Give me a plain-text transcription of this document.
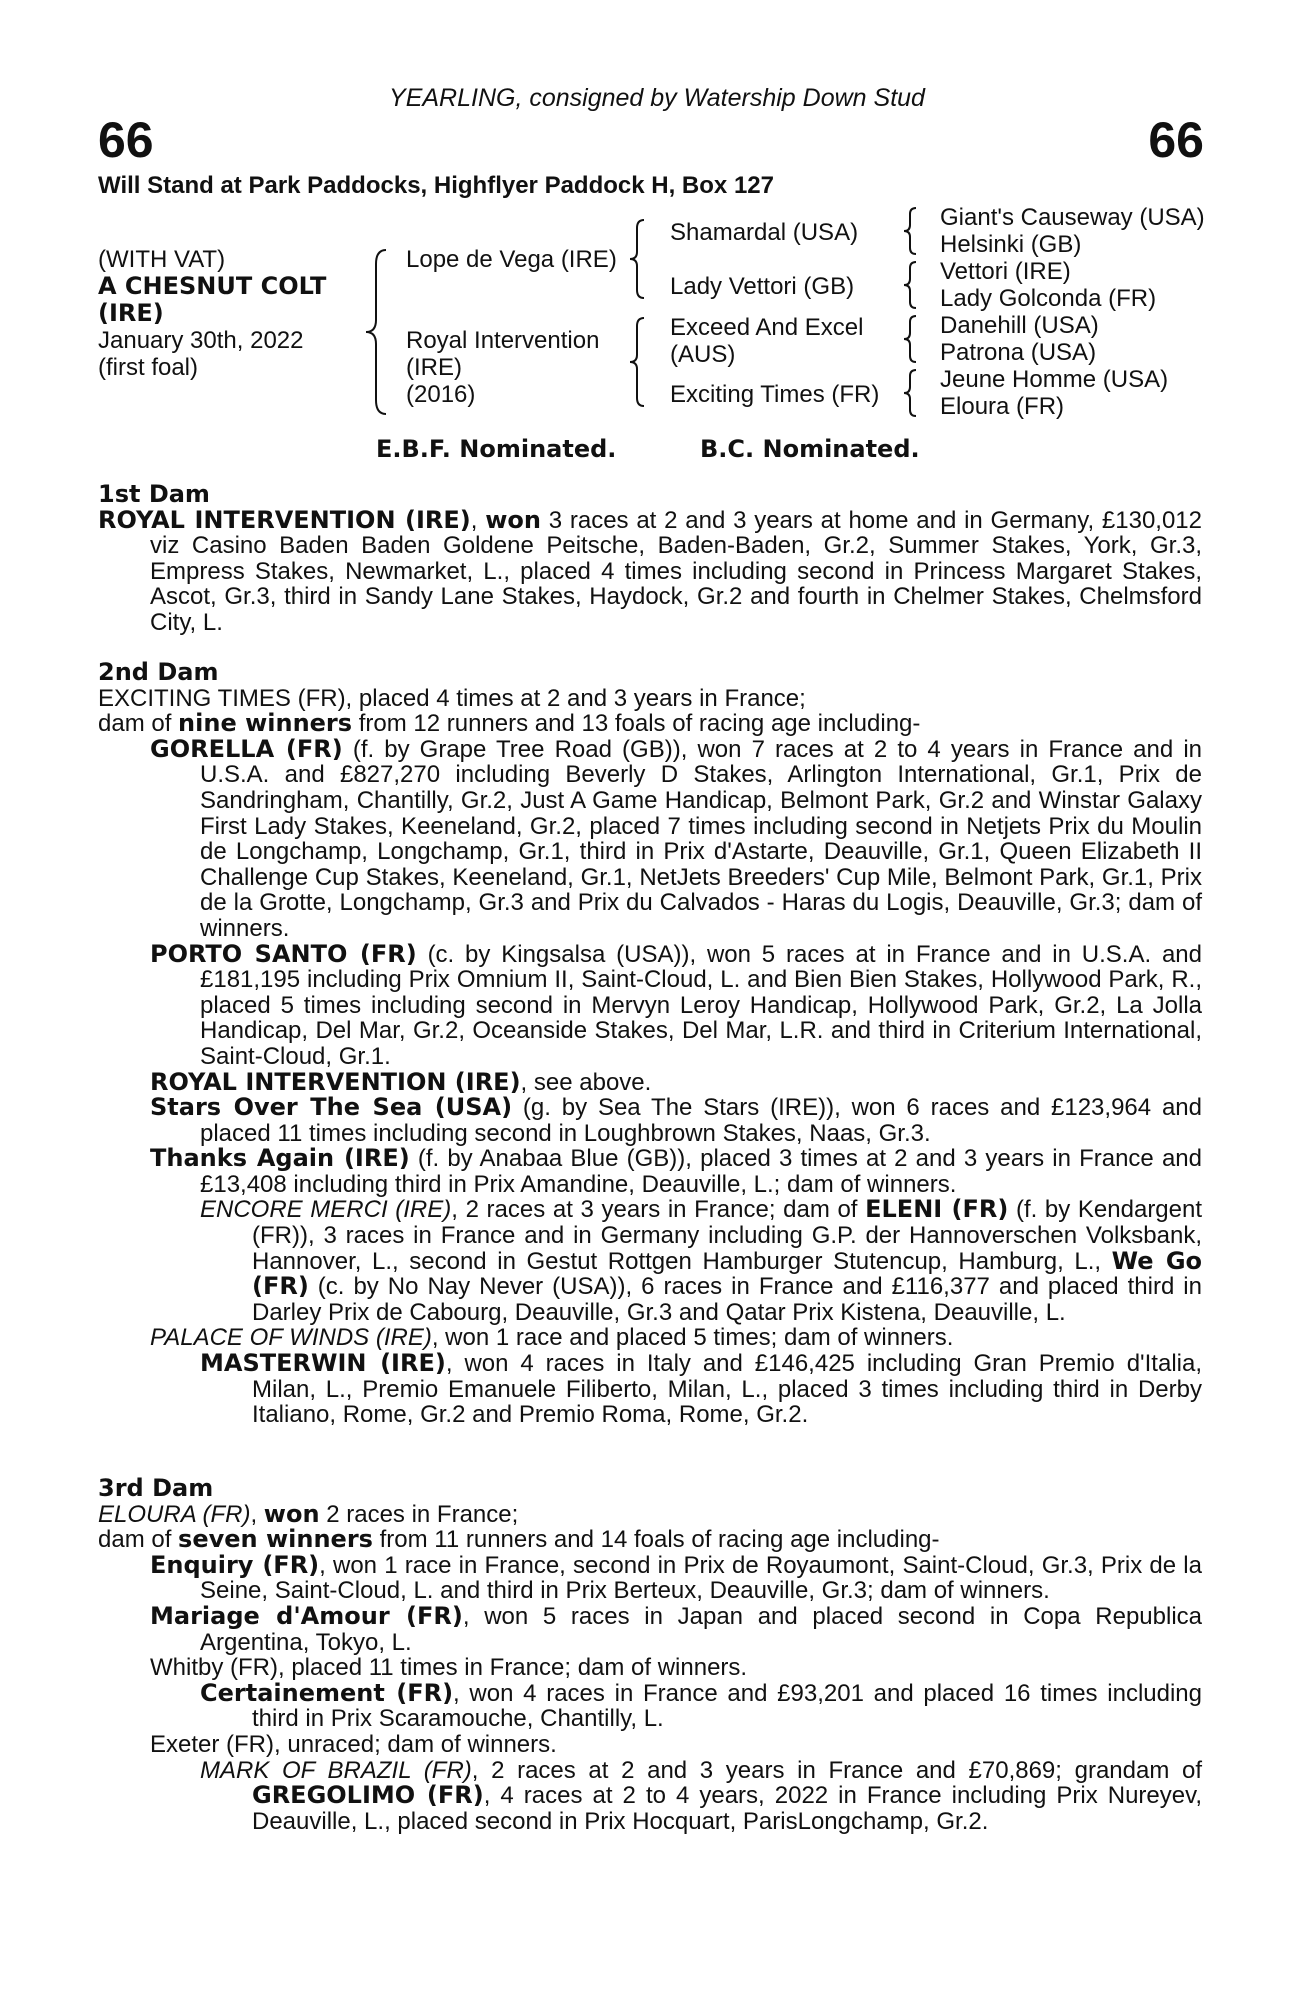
YEARLING, consigned by Watership Down Stud
66	66
Will Stand at Park Paddocks, Highflyer Paddock H, Box 127
(WITH VAT)
A CHESNUT COLT
(IRE)
January 30th, 2022
(first foal)
Lope de Vega (IRE)
Royal Intervention
(IRE)
(2016)
Shamardal (USA)
Lady Vettori (GB)
Exceed And Excel
(AUS)
Exciting Times (FR)
Giant's Causeway (USA)
Helsinki (GB)
Vettori (IRE)
Lady Golconda (FR)
Danehill (USA)
Patrona (USA)
Jeune Homme (USA)
Eloura (FR)
E.B.F. Nominated.	B.C. Nominated.
1st Dam

ROYAL INTERVENTION (IRE), won 3 races at 2 and 3 years at home and in Germany, £130,012 viz Casino Baden Baden Goldene Peitsche, Baden-Baden, Gr.2, Summer Stakes, York, Gr.3, Empress Stakes, Newmarket, L., placed 4 times including second in Princess Margaret Stakes, Ascot, Gr.3, third in Sandy Lane Stakes, Haydock, Gr.2 and fourth in Chelmer Stakes, Chelmsford City, L.

2nd Dam

EXCITING TIMES (FR), placed 4 times at 2 and 3 years in France;

dam of nine winners from 12 runners and 13 foals of racing age including-

GORELLA (FR) (f. by Grape Tree Road (GB)), won 7 races at 2 to 4 years in France and in U.S.A. and £827,270 including Beverly D Stakes, Arlington International, Gr.1, Prix de Sandringham, Chantilly, Gr.2, Just A Game Handicap, Belmont Park, Gr.2 and Winstar Galaxy First Lady Stakes, Keeneland, Gr.2, placed 7 times including second in Netjets Prix du Moulin de Longchamp, Longchamp, Gr.1, third in Prix d'Astarte, Deauville, Gr.1, Queen Elizabeth II Challenge Cup Stakes, Keeneland, Gr.1, NetJets Breeders' Cup Mile, Belmont Park, Gr.1, Prix de la Grotte, Longchamp, Gr.3 and Prix du Calvados - Haras du Logis, Deauville, Gr.3; dam of winners.

PORTO SANTO (FR) (c. by Kingsalsa (USA)), won 5 races at in France and in U.S.A. and £181,195 including Prix Omnium II, Saint-Cloud, L. and Bien Bien Stakes, Hollywood Park, R., placed 5 times including second in Mervyn Leroy Handicap, Hollywood Park, Gr.2, La Jolla Handicap, Del Mar, Gr.2, Oceanside Stakes, Del Mar, L.R. and third in Criterium International, Saint-Cloud, Gr.1.

ROYAL INTERVENTION (IRE), see above.

Stars Over The Sea (USA) (g. by Sea The Stars (IRE)), won 6 races and £123,964 and placed 11 times including second in Loughbrown Stakes, Naas, Gr.3.

Thanks Again (IRE) (f. by Anabaa Blue (GB)), placed 3 times at 2 and 3 years in France and £13,408 including third in Prix Amandine, Deauville, L.; dam of winners.

ENCORE MERCI (IRE), 2 races at 3 years in France; dam of ELENI (FR) (f. by Kendargent (FR)), 3 races in France and in Germany including G.P. der Hannoverschen Volksbank, Hannover, L., second in Gestut Rottgen Hamburger Stutencup, Hamburg, L., We Go (FR) (c. by No Nay Never (USA)), 6 races in France and £116,377 and placed third in Darley Prix de Cabourg, Deauville, Gr.3 and Qatar Prix Kistena, Deauville, L.

PALACE OF WINDS (IRE), won 1 race and placed 5 times; dam of winners.

MASTERWIN (IRE), won 4 races in Italy and £146,425 including Gran Premio d'Italia, Milan, L., Premio Emanuele Filiberto, Milan, L., placed 3 times including third in Derby Italiano, Rome, Gr.2 and Premio Roma, Rome, Gr.2.

3rd Dam

ELOURA (FR), won 2 races in France;

dam of seven winners from 11 runners and 14 foals of racing age including-

Enquiry (FR), won 1 race in France, second in Prix de Royaumont, Saint-Cloud, Gr.3, Prix de la Seine, Saint-Cloud, L. and third in Prix Berteux, Deauville, Gr.3; dam of winners.

Mariage d'Amour (FR), won 5 races in Japan and placed second in Copa Republica Argentina, Tokyo, L.

Whitby (FR), placed 11 times in France; dam of winners.

Certainement (FR), won 4 races in France and £93,201 and placed 16 times including third in Prix Scaramouche, Chantilly, L.

Exeter (FR), unraced; dam of winners.

MARK OF BRAZIL (FR), 2 races at 2 and 3 years in France and £70,869; grandam of GREGOLIMO (FR), 4 races at 2 to 4 years, 2022 in France including Prix Nureyev, Deauville, L., placed second in Prix Hocquart, ParisLongchamp, Gr.2.
